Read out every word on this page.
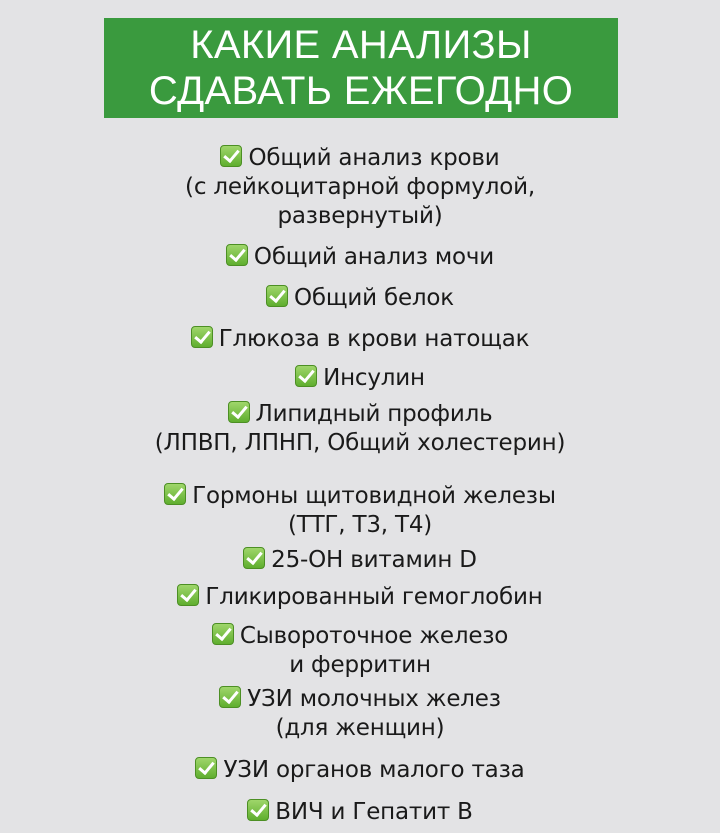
КАКИЕ АНАЛИЗЫ
СДАВАТЬ ЕЖЕГОДНО
Общий анализ крови
(с лейкоцитарной формулой,
развернутый)
Общий анализ мочи
Общий белок
Глюкоза в крови натощак
Инсулин
Липидный профиль
(ЛПВП, ЛПНП, Общий холестерин)
Гормоны щитовидной железы
(ТТГ, Т3, Т4)
25-ОН витамин D
Гликированный гемоглобин
Сывороточное железо
и ферритин
УЗИ молочных желез
(для женщин)
УЗИ органов малого таза
ВИЧ и Гепатит В
